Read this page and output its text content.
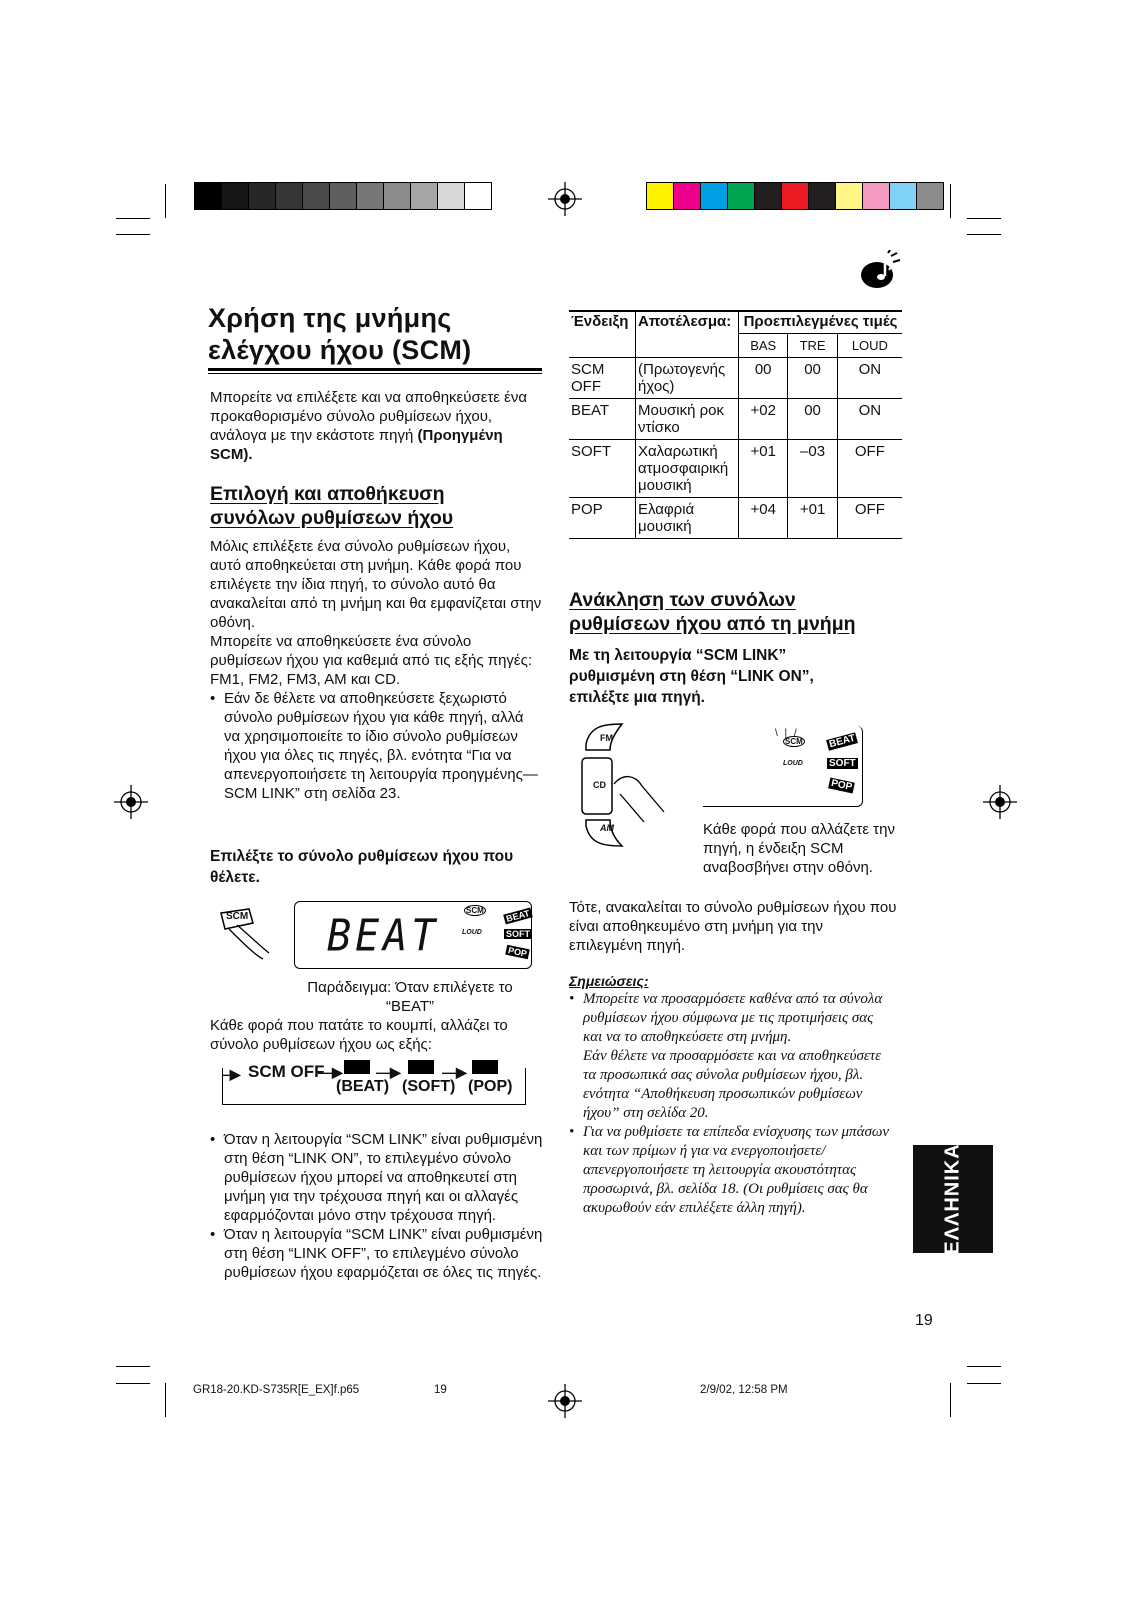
Χρήση της μνήμης ελέγχου ήχου (SCM)
Μπορείτε να επιλέξετε και να αποθηκεύσετε ένα προκαθορισμένο σύνολο ρυθμίσεων ήχου, ανάλογα με την εκάστοτε πηγή (Προηγμένη SCM).
Επιλογή και αποθήκευση συνόλων ρυθμίσεων ήχου
Μόλις επιλέξετε ένα σύνολο ρυθμίσεων ήχου, αυτό αποθηκεύεται στη μνήμη. Κάθε φορά που επιλέγετε την ίδια πηγή, το σύνολο αυτό θα ανακαλείται από τη μνήμη και θα εμφανίζεται στην οθόνη.
Μπορείτε να αποθηκεύσετε ένα σύνολο ρυθμίσεων ήχου για καθεμιά από τις εξής πηγές: FM1, FM2, FM3, AM και CD.
• Εάν δε θέλετε να αποθηκεύσετε ξεχωριστό σύνολο ρυθμίσεων ήχου για κάθε πηγή, αλλά να χρησιμοποιείτε το ίδιο σύνολο ρυθμίσεων ήχου για όλες τις πηγές, βλ. ενότητα “Για να απενεργοποιήσετε τη λειτουργία προηγμένης—SCM LINK” στη σελίδα 23.
Επιλέξτε το σύνολο ρυθμίσεων ήχου που θέλετε.
SCM BEAT
SCM
LOUD
BEAT
SOFT
POP
Παράδειγμα: Όταν επιλέγετε το “BEAT”
Κάθε φορά που πατάτε το κουμπί, αλλάζει το σύνολο ρυθμίσεων ήχου ως εξής:
–▶ SCM OFF
—▶
(BEAT)
—▶
(SOFT)
—▶
(POP)
• Όταν η λειτουργία “SCM LINK” είναι ρυθμισμένη στη θέση “LINK ON”, το επιλεγμένο σύνολο ρυθμίσεων ήχου μπορεί να αποθηκευτεί στη μνήμη για την τρέχουσα πηγή και οι αλλαγές εφαρμόζονται μόνο στην τρέχουσα πηγή.
• Όταν η λειτουργία “SCM LINK” είναι ρυθμισμένη στη θέση “LINK OFF”, το επιλεγμένο σύνολο ρυθμίσεων ήχου εφαρμόζεται σε όλες τις πηγές.
Ένδειξη	Αποτέλεσμα:	Προεπιλεγμένες τιμές		
		BAS	TRE	LOUD
SCM OFF	(Πρωτογενής ήχος)	00	00	ON
BEAT	Μουσική ροκ ντίσκο	+02	00	ON
SOFT	Χαλαρωτική ατμοσφαιρική μουσική	+01	–03	OFF
POP	Ελαφριά μουσική	+04	+01	OFF
Ανάκληση των συνόλων ρυθμίσεων ήχου από τη μνήμη
Με τη λειτουργία “SCM LINK” ρυθμισμένη στη θέση “LINK ON”, επιλέξτε μια πηγή.
FM
CD
AM
SCM
\ | /
LOUD
BEAT
SOFT
POP
Κάθε φορά που αλλάζετε την πηγή, η ένδειξη SCM αναβοσβήνει στην οθόνη.
Τότε, ανακαλείται το σύνολο ρυθμίσεων ήχου που είναι αποθηκευμένο στη μνήμη για την επιλεγμένη πηγή.
Σημειώσεις:
• Μπορείτε να προσαρμόσετε καθένα από τα σύνολα ρυθμίσεων ήχου σύμφωνα με τις προτιμήσεις σας και να το αποθηκεύσετε στη μνήμη.
Εάν θέλετε να προσαρμόσετε και να αποθηκεύσετε τα προσωπικά σας σύνολα ρυθμίσεων ήχου, βλ. ενότητα “Αποθήκευση προσωπικών ρυθμίσεων ήχου” στη σελίδα 20.
• Για να ρυθμίσετε τα επίπεδα ενίσχυσης των μπάσων και των πρίμων ή για να ενεργοποιήσετε/ απενεργοποιήσετε τη λειτουργία ακουστότητας προσωρινά, βλ. σελίδα 18. (Οι ρυθμίσεις σας θα ακυρωθούν εάν επιλέξετε άλλη πηγή).	ΕΛΛΗΝΙΚΑ
19
GR18-20.KD-S735R[E_EX]f.p65	19	2/9/02, 12:58 PM
